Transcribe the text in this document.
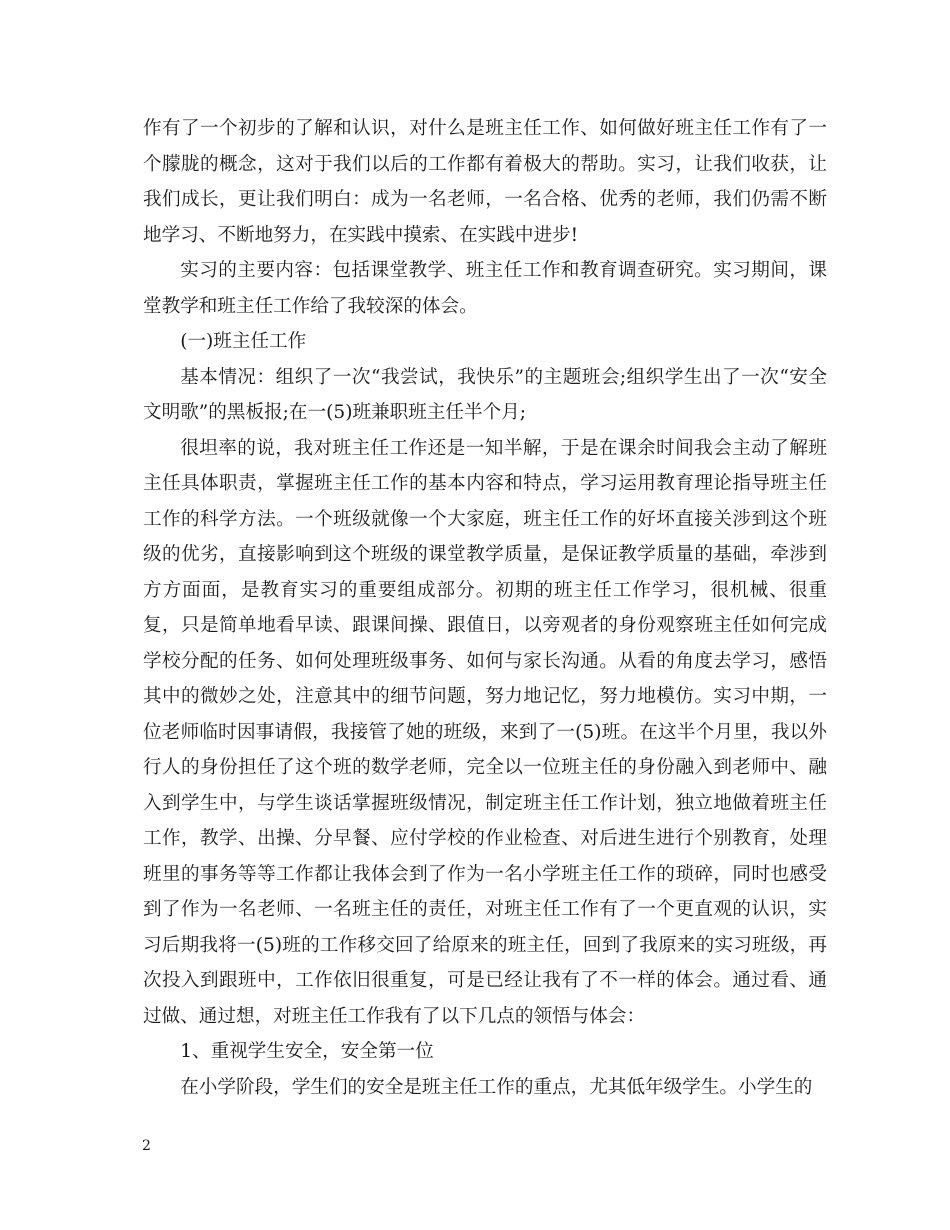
作有了一个初步的了解和认识，对什么是班主任工作、如何做好班主任工作有了一个朦胧的概念，这对于我们以后的工作都有着极大的帮助。实习，让我们收获，让我们成长，更让我们明白：成为一名老师，一名合格、优秀的老师，我们仍需不断地学习、不断地努力，在实践中摸索、在实践中进步!

实习的主要内容：包括课堂教学、班主任工作和教育调查研究。实习期间，课堂教学和班主任工作给了我较深的体会。

(一)班主任工作

基本情况：组织了一次“我尝试，我快乐”的主题班会;组织学生出了一次“安全文明歌”的黑板报;在一(5)班兼职班主任半个月;

很坦率的说，我对班主任工作还是一知半解，于是在课余时间我会主动了解班主任具体职责，掌握班主任工作的基本内容和特点，学习运用教育理论指导班主任工作的科学方法。一个班级就像一个大家庭，班主任工作的好坏直接关涉到这个班级的优劣，直接影响到这个班级的课堂教学质量，是保证教学质量的基础，牵涉到方方面面，是教育实习的重要组成部分。初期的班主任工作学习，很机械、很重复，只是简单地看早读、跟课间操、跟值日，以旁观者的身份观察班主任如何完成学校分配的任务、如何处理班级事务、如何与家长沟通。从看的角度去学习，感悟其中的微妙之处，注意其中的细节问题，努力地记忆，努力地模仿。实习中期，一位老师临时因事请假，我接管了她的班级，来到了一(5)班。在这半个月里，我以外行人的身份担任了这个班的数学老师，完全以一位班主任的身份融入到老师中、融入到学生中，与学生谈话掌握班级情况，制定班主任工作计划，独立地做着班主任工作，教学、出操、分早餐、应付学校的作业检查、对后进生进行个别教育，处理班里的事务等等工作都让我体会到了作为一名小学班主任工作的琐碎，同时也感受到了作为一名老师、一名班主任的责任，对班主任工作有了一个更直观的认识，实习后期我将一(5)班的工作移交回了给原来的班主任，回到了我原来的实习班级，再次投入到跟班中，工作依旧很重复，可是已经让我有了不一样的体会。通过看、通过做、通过想，对班主任工作我有了以下几点的领悟与体会：

1、重视学生安全，安全第一位

在小学阶段，学生们的安全是班主任工作的重点，尤其低年级学生。小学生的

2
